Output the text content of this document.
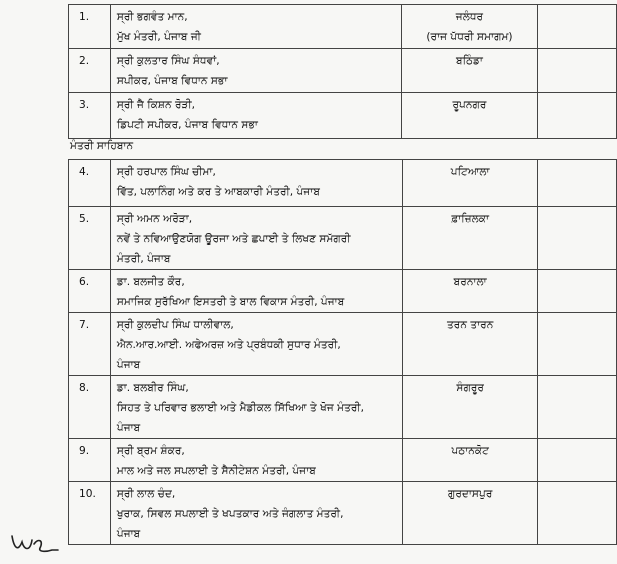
1.	ਸ੍ਰੀ ਭਗਵੰਤ ਮਾਨ,
ਮੁੱਖ ਮੰਤਰੀ, ਪੰਜਾਬ ਜੀ	ਜਲੰਧਰ
(ਰਾਜ ਪੱਧਰੀ ਸਮਾਗਮ)	

2.	ਸ੍ਰੀ ਕੁਲਤਾਰ ਸਿੰਘ ਸੰਧਵਾਂ,
ਸਪੀਕਰ, ਪੰਜਾਬ ਵਿਧਾਨ ਸਭਾ	ਬਠਿੰਡਾ	

3.	ਸ੍ਰੀ ਜੈ ਕਿਸ਼ਨ ਰੋੜੀ,
ਡਿਪਟੀ ਸਪੀਕਰ, ਪੰਜਾਬ ਵਿਧਾਨ ਸਭਾ	ਰੂਪਨਗਰ	

ਮੰਤਰੀ ਸਾਹਿਬਾਨ
4.	ਸ੍ਰੀ ਹਰਪਾਲ ਸਿੰਘ ਚੀਮਾ,
ਵਿੱਤ, ਪਲਾਨਿੰਗ ਅਤੇ ਕਰ ਤੇ ਆਬਕਾਰੀ ਮੰਤਰੀ, ਪੰਜਾਬ	ਪਟਿਆਲਾ	

5.	ਸ੍ਰੀ ਅਮਨ ਅਰੋੜਾ,
ਨਵੇਂ ਤੇ ਨਵਿਆਉਣਯੋਗ ਊਰਜਾ ਅਤੇ ਛਪਾਈ ਤੇ ਲਿਖਣ ਸਮੱਗਰੀ
ਮੰਤਰੀ, ਪੰਜਾਬ	ਫ਼ਾਜ਼ਿਲਕਾ	

6.	ਡਾ. ਬਲਜੀਤ ਕੌਰ,
ਸਮਾਜਿਕ ਸੁਰੱਖਿਆ ਇਸਤਰੀ ਤੇ ਬਾਲ ਵਿਕਾਸ ਮੰਤਰੀ, ਪੰਜਾਬ	ਬਰਨਾਲਾ	

7.	ਸ੍ਰੀ ਕੁਲਦੀਪ ਸਿੰਘ ਧਾਲੀਵਾਲ,
ਐਨ.ਆਰ.ਆਈ. ਅਫੇਅਰਜ਼ ਅਤੇ ਪ੍ਰਬੰਧਕੀ ਸੁਧਾਰ ਮੰਤਰੀ,
ਪੰਜਾਬ	ਤਰਨ ਤਾਰਨ	

8.	ਡਾ. ਬਲਬੀਰ ਸਿੰਘ,
ਸਿਹਤ ਤੇ ਪਰਿਵਾਰ ਭਲਾਈ ਅਤੇ ਮੈਡੀਕਲ ਸਿੱਖਿਆ ਤੇ ਖੋਜ ਮੰਤਰੀ,
ਪੰਜਾਬ	ਸੰਗਰੂਰ	

9.	ਸ੍ਰੀ ਬ੍ਰਮ ਸ਼ੰਕਰ,
ਮਾਲ ਅਤੇ ਜਲ ਸਪਲਾਈ ਤੇ ਸੈਨੀਟੇਸ਼ਨ ਮੰਤਰੀ, ਪੰਜਾਬ	ਪਠਾਨਕੋਟ	

10.	ਸ੍ਰੀ ਲਾਲ ਚੰਦ,
ਖੁਰਾਕ, ਸਿਵਲ ਸਪਲਾਈ ਤੇ ਖਪਤਕਾਰ ਅਤੇ ਜੰਗਲਾਤ ਮੰਤਰੀ,
ਪੰਜਾਬ	ਗੁਰਦਾਸਪੁਰ	
